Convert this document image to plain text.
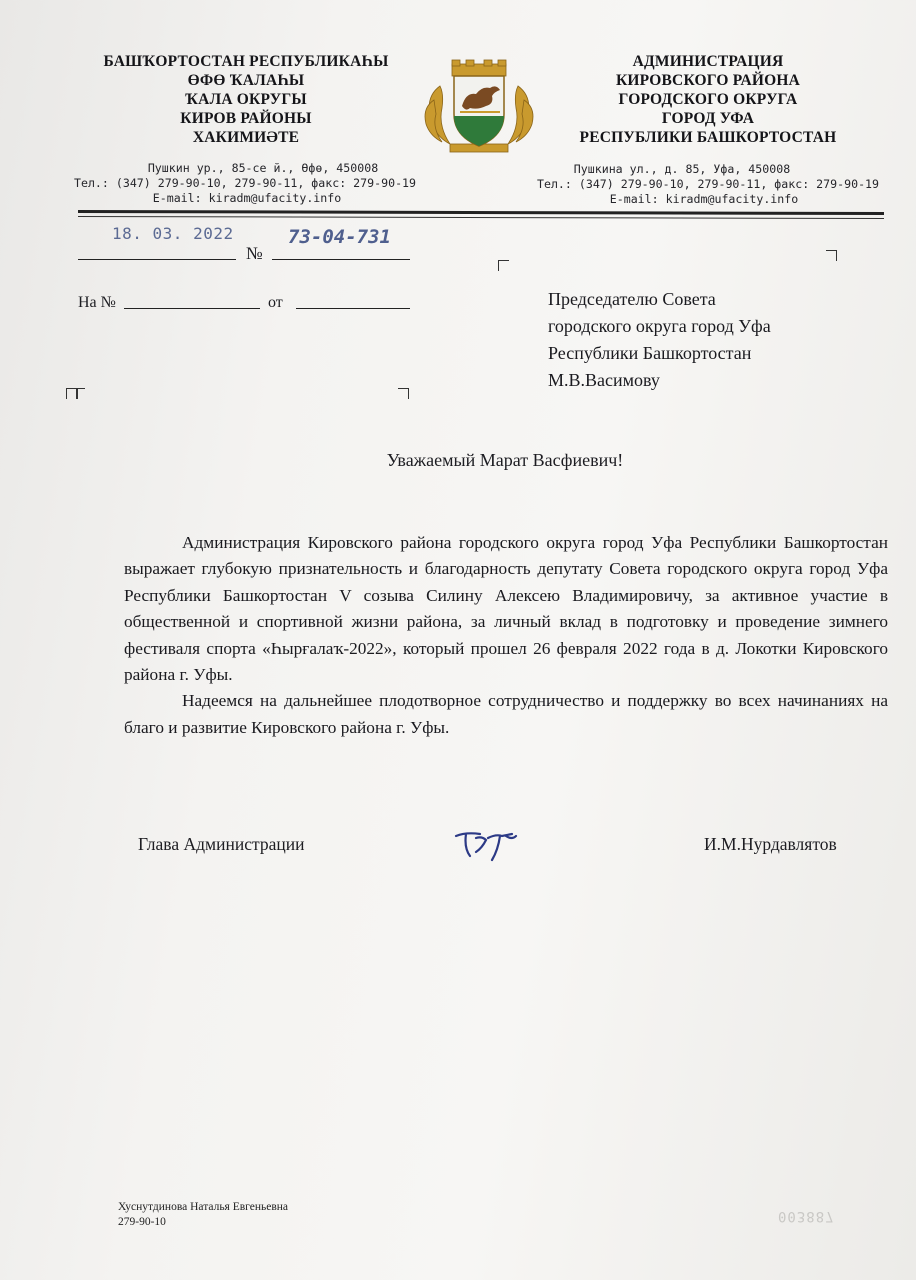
БАШҠОРТОСТАН РЕСПУБЛИКАҺЫ
ӨФӨ ҠАЛАҺЫ
ҠАЛА ОКРУГЫ
КИРОВ РАЙОНЫ
ХАКИМИӘТЕ
Пушкин ур., 85-се й., Өфө, 450008
Тел.: (347) 279-90-10, 279-90-11, факс: 279-90-19
E-mail: kiradm@ufacity.info
АДМИНИСТРАЦИЯ
КИРОВСКОГО РАЙОНА
ГОРОДСКОГО ОКРУГА
ГОРОД УФА
РЕСПУБЛИКИ БАШКОРТОСТАН
Пушкина ул., д. 85, Уфа, 450008
Тел.: (347) 279-90-10, 279-90-11, факс: 279-90-19
E-mail: kiradm@ufacity.info
18. 03. 2022
№
73-04-731
На №	от	Председателю Совета
городского округа город Уфа
Республики Башкортостан
М.В.Васимову
Уважаемый Марат Васфиевич!

Администрация Кировского района городского округа город Уфа Республики Башкортостан выражает глубокую признательность и благодарность депутату Совета городского округа город Уфа Республики Башкортостан V созыва Силину Алексею Владимировичу, за активное участие в общественной и спортивной жизни района, за личный вклад в подготовку и проведение зимнего фестиваля спорта «Һырғалаҡ-2022», который прошел 26 февраля 2022 года в д. Локотки Кировского района г. Уфы.

Надеемся на дальнейшее плодотворное сотрудничество и поддержку во всех начинаниях на благо и развитие Кировского района г. Уфы.

Глава Администрации	И.М.Нурдавлятов
Хуснутдинова Наталья Евгеньевна
279-90-10	003887
